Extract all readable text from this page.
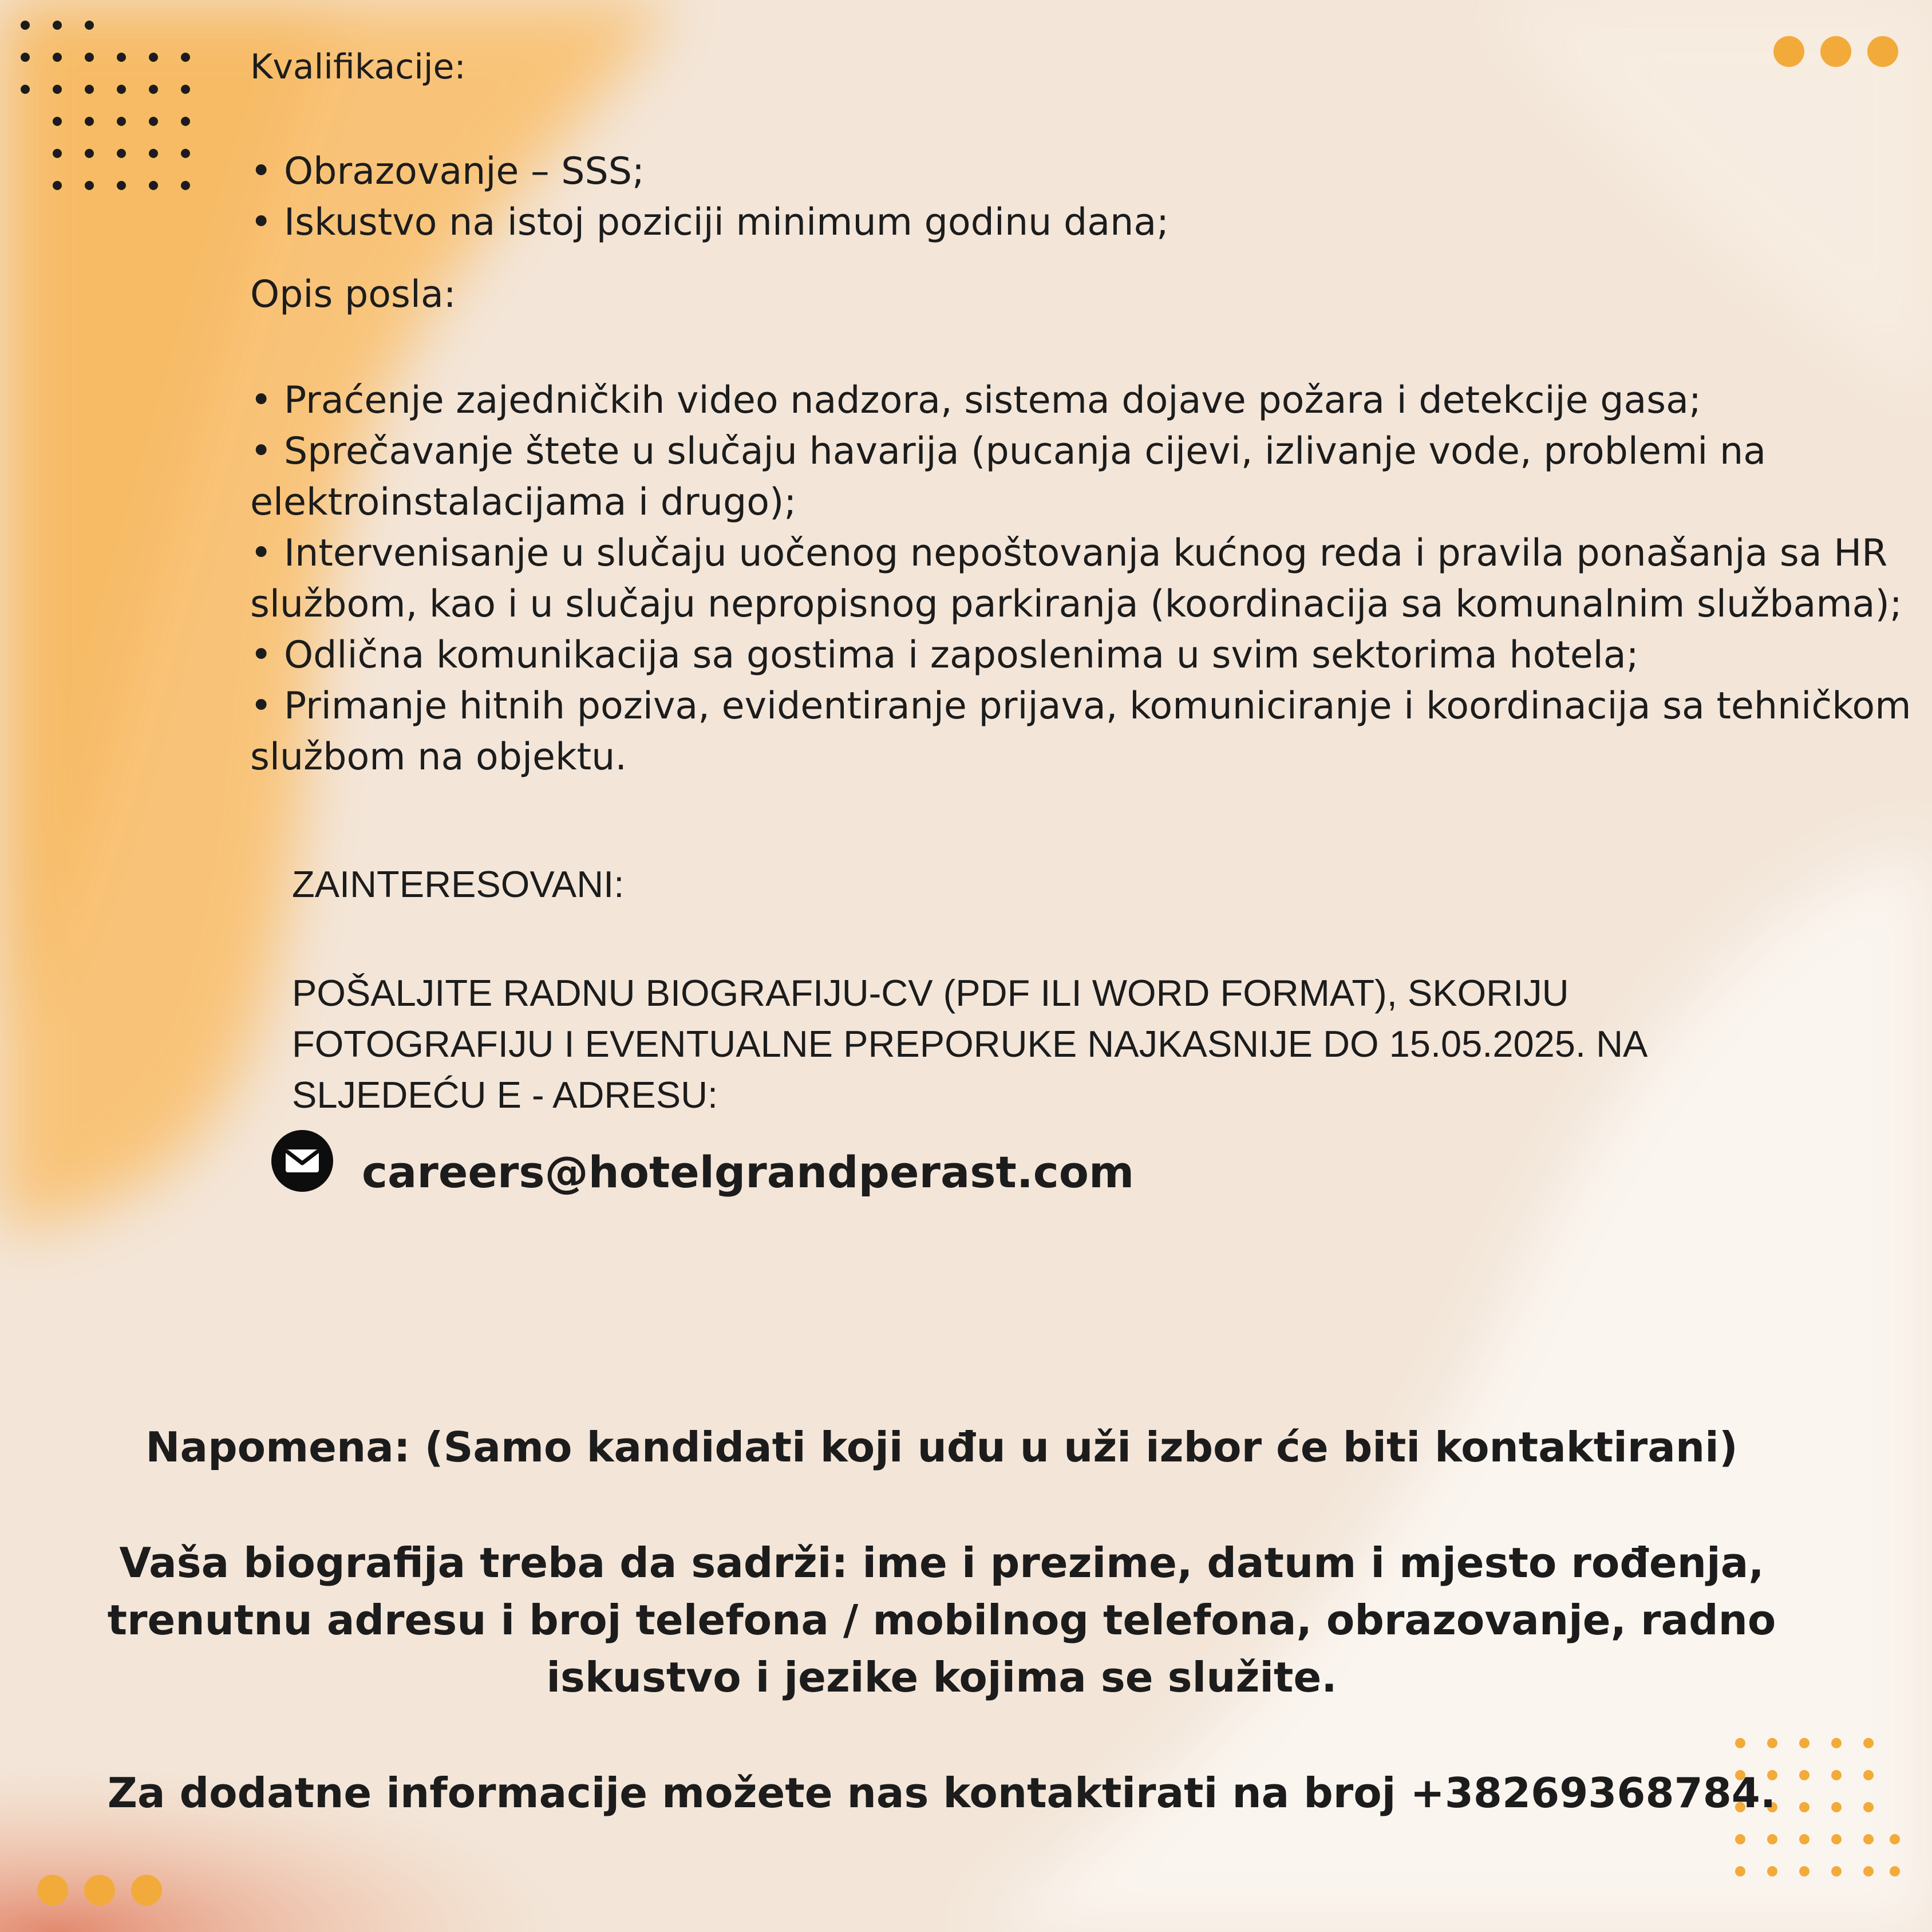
Kvalifikacije:
• Obrazovanje – SSS;
• Iskustvo na istoj poziciji minimum godinu dana;
Opis posla:
• Praćenje zajedničkih video nadzora, sistema dojave požara i detekcije gasa;
• Sprečavanje štete u slučaju havarija (pucanja cijevi, izlivanje vode, problemi na
elektroinstalacijama i drugo);
• Intervenisanje u slučaju uočenog nepoštovanja kućnog reda i pravila ponašanja sa HR
službom, kao i u slučaju nepropisnog parkiranja (koordinacija sa komunalnim službama);
• Odlična komunikacija sa gostima i zaposlenima u svim sektorima hotela;
• Primanje hitnih poziva, evidentiranje prijava, komuniciranje i koordinacija sa tehničkom
službom na objektu.
ZAINTERESOVANI:
POŠALJITE RADNU BIOGRAFIJU-CV (PDF ILI WORD FORMAT), SKORIJU
FOTOGRAFIJU I EVENTUALNE PREPORUKE NAJKASNIJE DO 15.05.2025. NA
SLJEDEĆU E - ADRESU:
careers@hotelgrandperast.com
Napomena: (Samo kandidati koji uđu u uži izbor će biti kontaktirani)
Vaša biografija treba da sadrži: ime i prezime, datum i mjesto rođenja,
trenutnu adresu i broj telefona / mobilnog telefona, obrazovanje, radno
iskustvo i jezike kojima se služite.
Za dodatne informacije možete nas kontaktirati na broj +38269368784.
